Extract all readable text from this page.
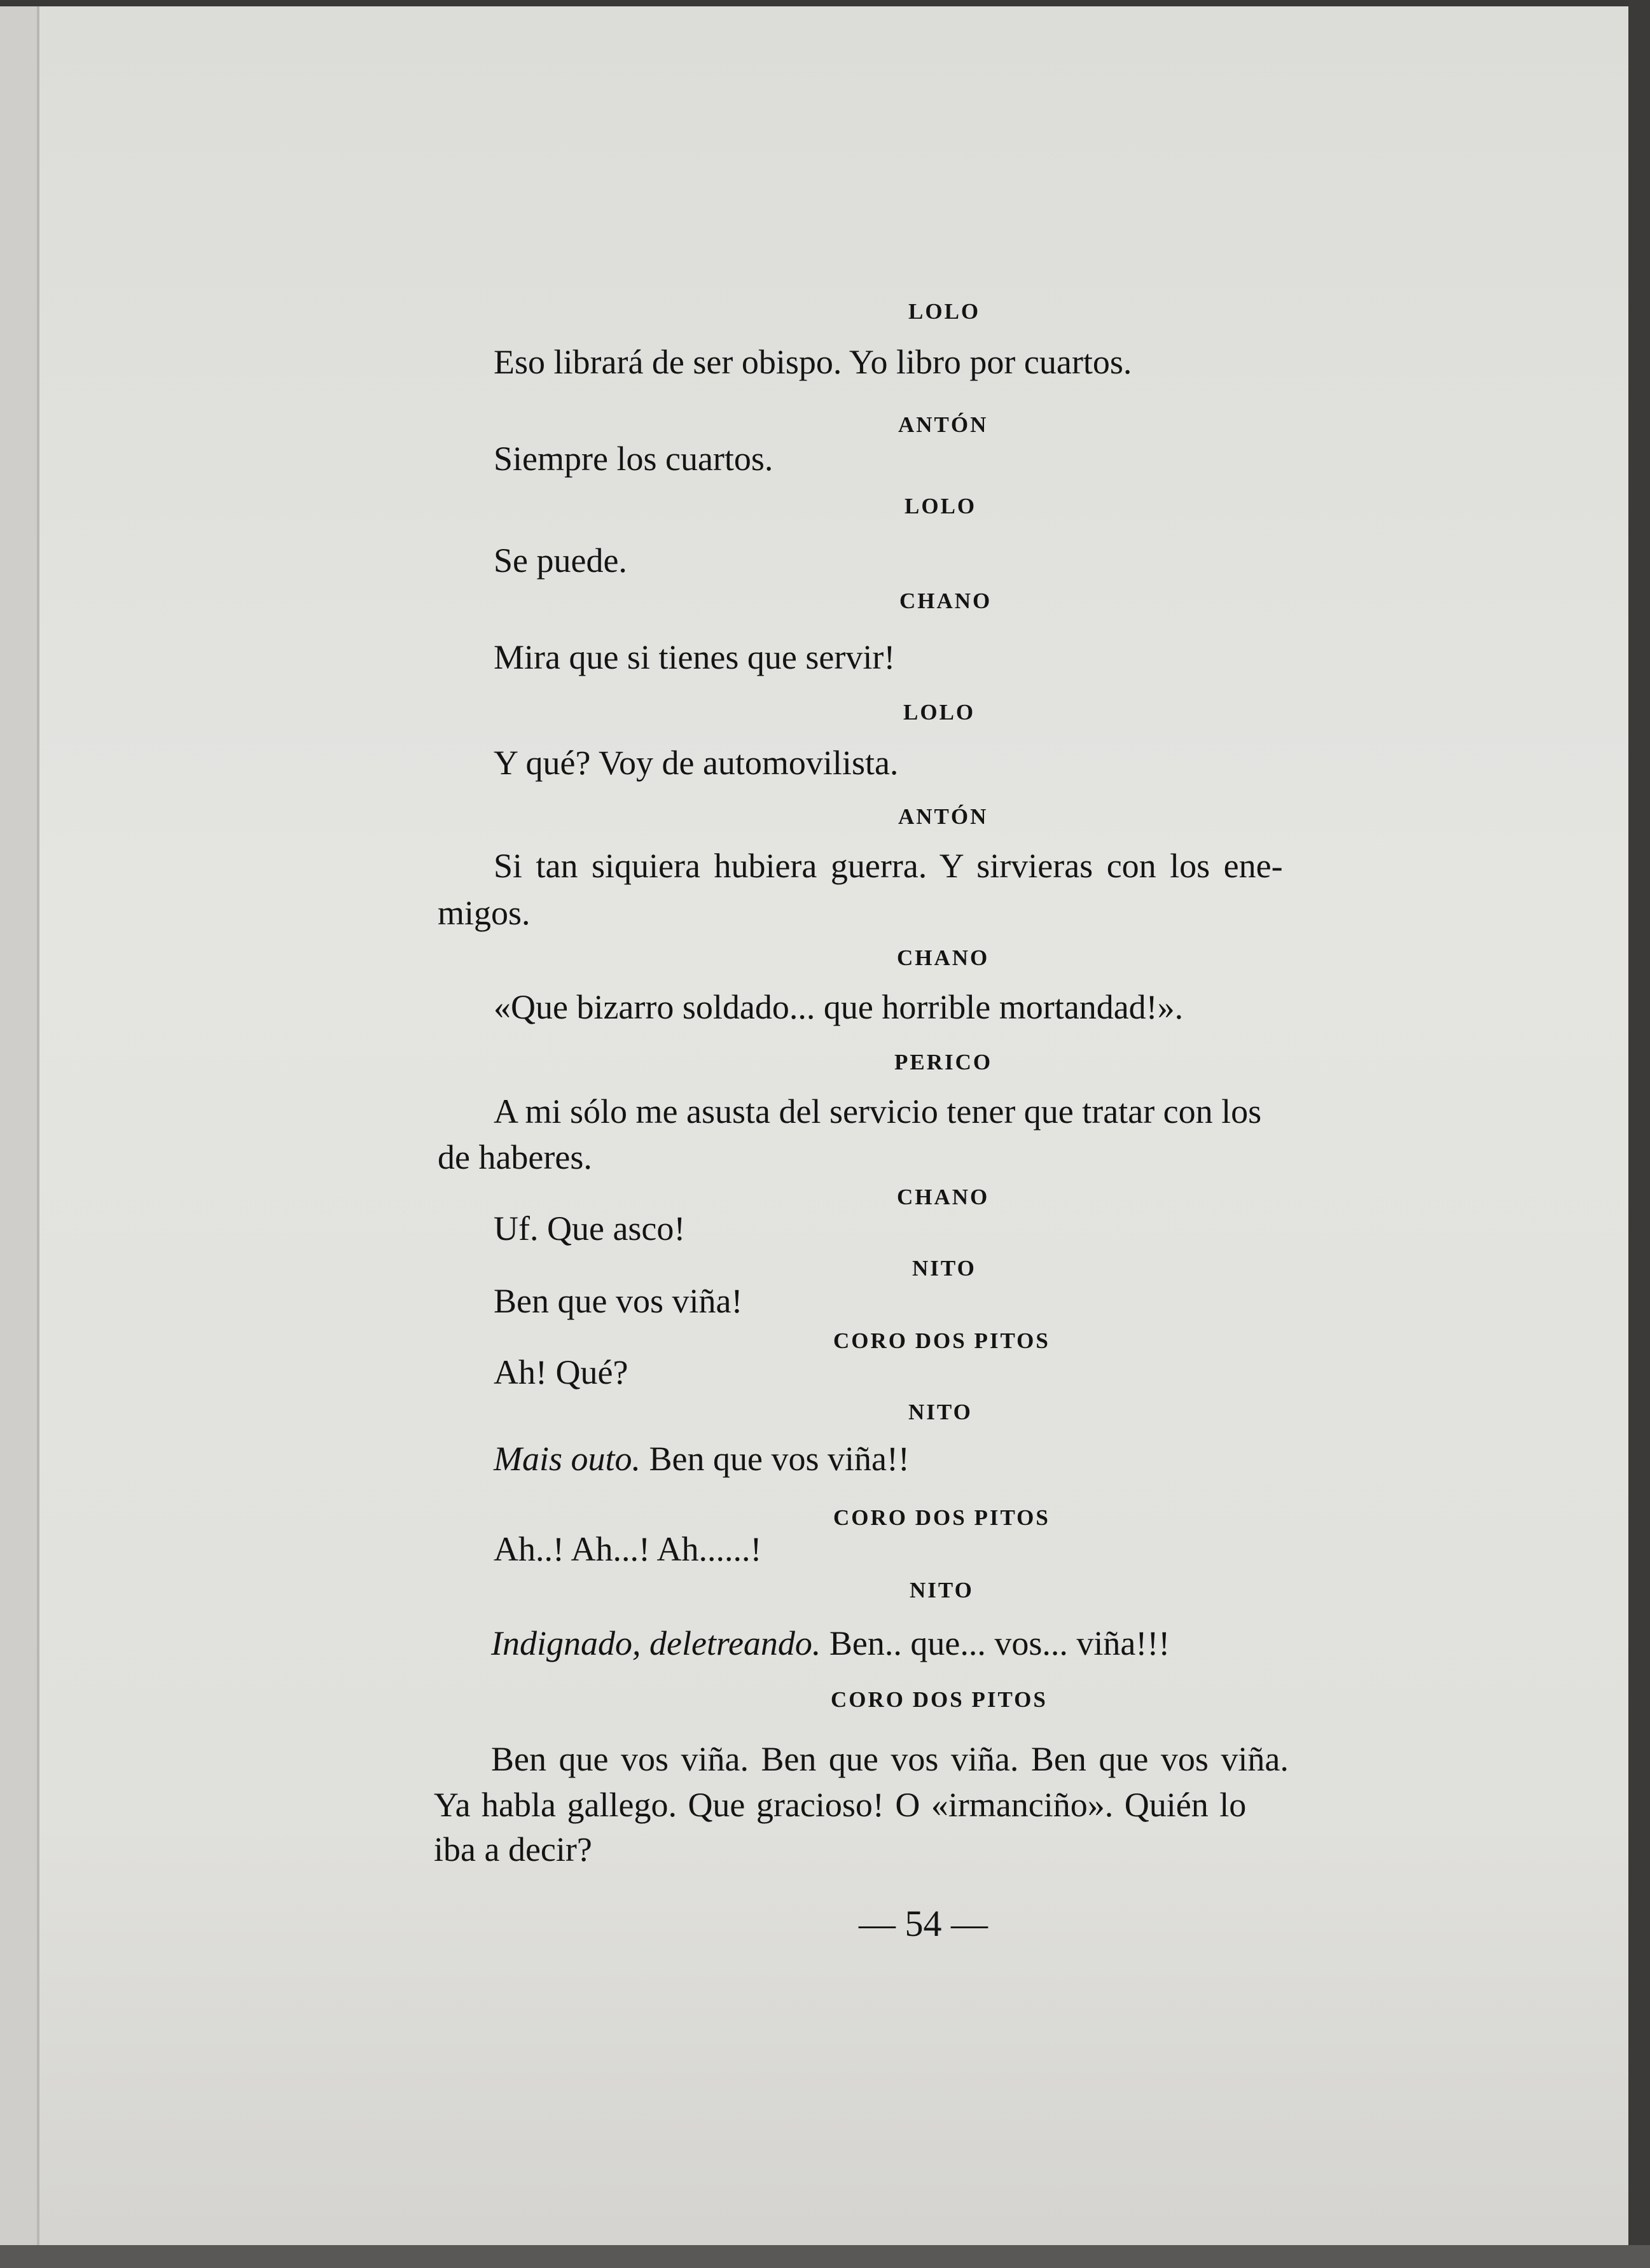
LOLO
Eso librará de ser obispo. Yo libro por cuartos.
ANTÓN
Siempre los cuartos.
LOLO
Se puede.
CHANO
Mira que si tienes que servir!
LOLO
Y qué? Voy de automovilista.
ANTÓN
Si tan siquiera hubiera guerra. Y sirvieras con los ene-
migos.
CHANO
«Que bizarro soldado... que horrible mortandad!».
PERICO
A mi sólo me asusta del servicio tener que tratar con los
de haberes.
CHANO
Uf. Que asco!
NITO
Ben que vos viña!
CORO DOS PITOS
Ah! Qué?
NITO
Mais outo. Ben que vos viña!!
CORO DOS PITOS
Ah..! Ah...! Ah......!
NITO
Indignado, deletreando. Ben.. que... vos... viña!!!
CORO DOS PITOS
Ben que vos viña. Ben que vos viña. Ben que vos viña.
Ya habla gallego. Que gracioso! O «irmanciño». Quién lo
iba a decir?
— 54 —
